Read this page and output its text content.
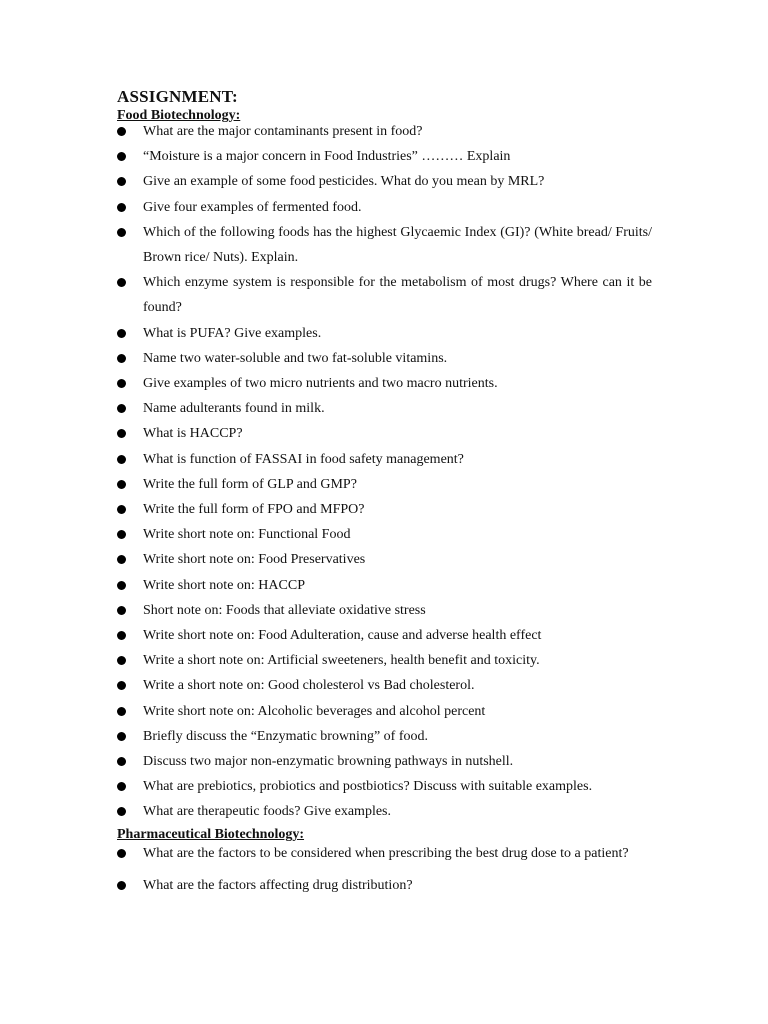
ASSIGNMENT:
Food Biotechnology:
What are the major contaminants present in food?
“Moisture is a major concern in Food Industries” ……… Explain
Give an example of some food pesticides. What do you mean by MRL?
Give four examples of fermented food.
Which of the following foods has the highest Glycaemic Index (GI)? (White bread/ Fruits/ Brown rice/ Nuts). Explain.
Which enzyme system is responsible for the metabolism of most drugs? Where can it be found?
What is PUFA? Give examples.
Name two water-soluble and two fat-soluble vitamins.
Give examples of two micro nutrients and two macro nutrients.
Name adulterants found in milk.
What is HACCP?
What is function of FASSAI in food safety management?
Write the full form of GLP and GMP?
Write the full form of FPO and MFPO?
Write short note on: Functional Food
Write short note on: Food Preservatives
Write short note on: HACCP
Short note on: Foods that alleviate oxidative stress
Write short note on: Food Adulteration, cause and adverse health effect
Write a short note on: Artificial sweeteners, health benefit and toxicity.
Write a short note on: Good cholesterol vs Bad cholesterol.
Write short note on: Alcoholic beverages and alcohol percent
Briefly discuss the “Enzymatic browning” of food.
Discuss two major non-enzymatic browning pathways in nutshell.
What are prebiotics, probiotics and postbiotics? Discuss with suitable examples.
What are therapeutic foods? Give examples.
Pharmaceutical Biotechnology:
What are the factors to be considered when prescribing the best drug dose to a patient?
What are the factors affecting drug distribution?
